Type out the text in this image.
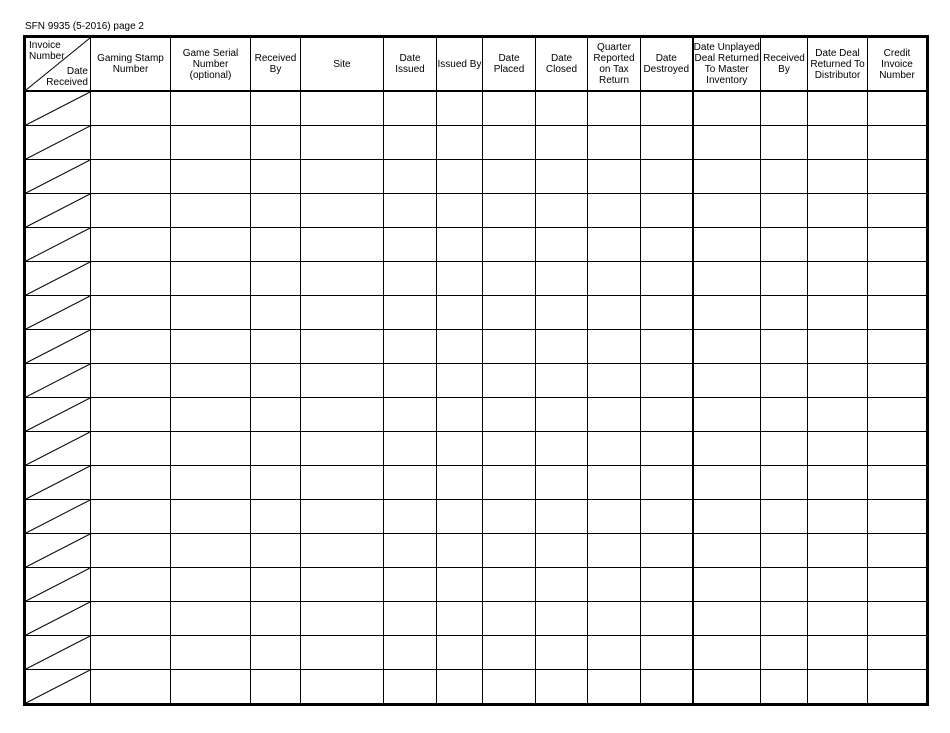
SFN 9935 (5-2016) page 2
Invoice Number
Date Received	Gaming Stamp Number	Game Serial Number (optional)	Received By	Site	Date Issued	Issued By	Date Placed	Date Closed	Quarter Reported on Tax Return	Date Destroyed	Date Unplayed Deal Returned To Master Inventory	Received By	Date Deal Returned To Distributor	Credit Invoice Number
